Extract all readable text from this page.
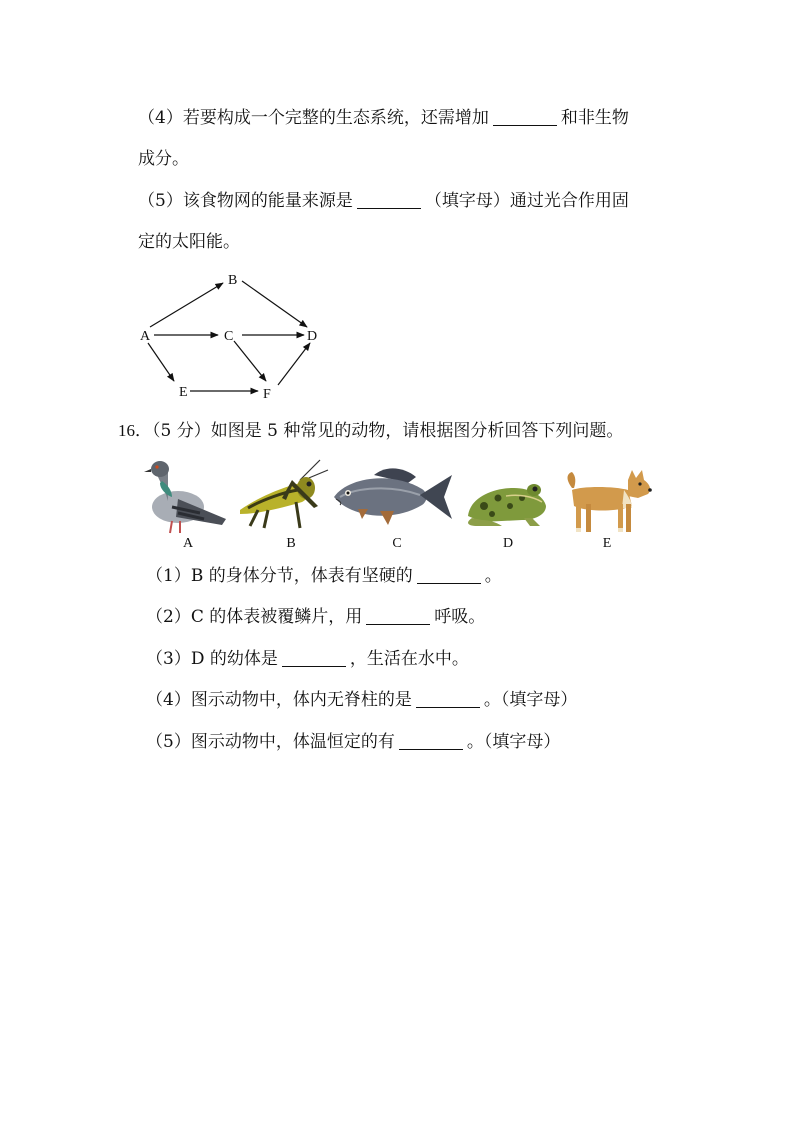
（4）若要构成一个完整的生态系统，还需增加	和非生物
成分。
（5）该食物网的能量来源是	（填字母）通过光合作用固
定的太阳能。
A
B
C	D
E	F
16．（5 分）如图是 5 种常见的动物，请根据图分析回答下列问题。
A	B	C	D	E
（1）B 的身体分节，体表有坚硬的	。
（2）C 的体表被覆鳞片，用	呼吸。
（3）D 的幼体是	，生活在水中。
（4）图示动物中，体内无脊柱的是	。（填字母）
（5）图示动物中，体温恒定的有	。（填字母）
